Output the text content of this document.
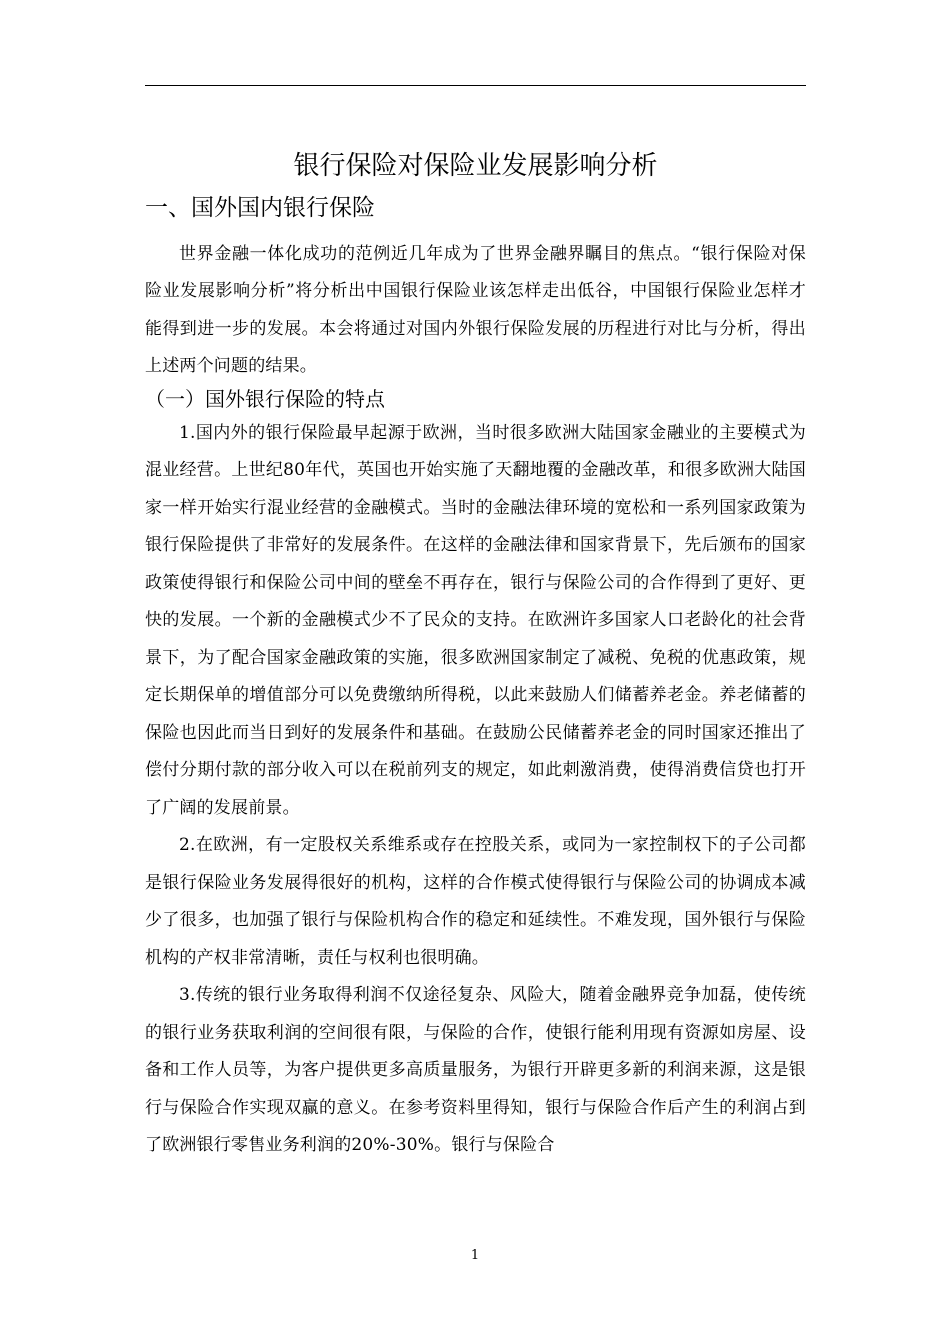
银行保险对保险业发展影响分析
一、国外国内银行保险

世界金融一体化成功的范例近几年成为了世界金融界瞩目的焦点。“银行保险对保险业发展影响分析”将分析出中国银行保险业该怎样走出低谷，中国银行保险业怎样才能得到进一步的发展。本会将通过对国内外银行保险发展的历程进行对比与分析，得出上述两个问题的结果。

（一）国外银行保险的特点

1.国内外的银行保险最早起源于欧洲，当时很多欧洲大陆国家金融业的主要模式为混业经营。上世纪80年代，英国也开始实施了天翻地覆的金融改革，和很多欧洲大陆国家一样开始实行混业经营的金融模式。当时的金融法律环境的宽松和一系列国家政策为银行保险提供了非常好的发展条件。在这样的金融法律和国家背景下，先后颁布的国家政策使得银行和保险公司中间的壁垒不再存在，银行与保险公司的合作得到了更好、更快的发展。一个新的金融模式少不了民众的支持。在欧洲许多国家人口老龄化的社会背景下，为了配合国家金融政策的实施，很多欧洲国家制定了减税、免税的优惠政策，规定长期保单的增值部分可以免费缴纳所得税，以此来鼓励人们储蓄养老金。养老储蓄的保险也因此而当日到好的发展条件和基础。在鼓励公民储蓄养老金的同时国家还推出了偿付分期付款的部分收入可以在税前列支的规定，如此刺激消费，使得消费信贷也打开了广阔的发展前景。

2.在欧洲，有一定股权关系维系或存在控股关系，或同为一家控制权下的子公司都是银行保险业务发展得很好的机构，这样的合作模式使得银行与保险公司的协调成本减少了很多，也加强了银行与保险机构合作的稳定和延续性。不难发现，国外银行与保险机构的产权非常清晰，责任与权利也很明确。

3.传统的银行业务取得利润不仅途径复杂、风险大，随着金融界竞争加磊，使传统的银行业务获取利润的空间很有限，与保险的合作，使银行能利用现有资源如房屋、设备和工作人员等，为客户提供更多高质量服务，为银行开辟更多新的利润来源，这是银行与保险合作实现双赢的意义。在参考资料里得知，银行与保险合作后产生的利润占到了欧洲银行零售业务利润的20%-30%。银行与保险合

1
